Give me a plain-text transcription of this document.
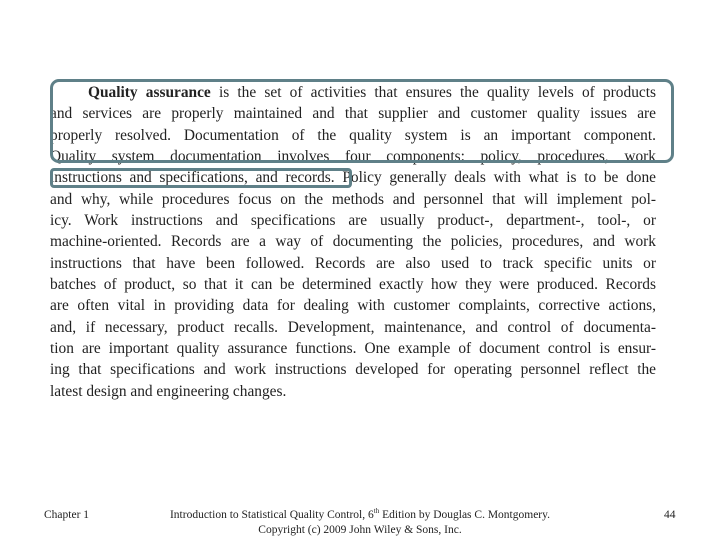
Quality assurance is the set of activities that ensures the quality levels of products
and services are properly maintained and that supplier and customer quality issues are
properly resolved. Documentation of the quality system is an important component.
Quality system documentation involves four components: policy, procedures, work
instructions and specifications, and records. Policy generally deals with what is to be done
and why, while procedures focus on the methods and personnel that will implement pol-
icy. Work instructions and specifications are usually product-, department-, tool-, or
machine-oriented. Records are a way of documenting the policies, procedures, and work
instructions that have been followed. Records are also used to track specific units or
batches of product, so that it can be determined exactly how they were produced. Records
are often vital in providing data for dealing with customer complaints, corrective actions,
and, if necessary, product recalls. Development, maintenance, and control of documenta-
tion are important quality assurance functions. One example of document control is ensur-
ing that specifications and work instructions developed for operating personnel reflect the
latest design and engineering changes.
Chapter 1	Introduction to Statistical Quality Control, 6th Edition by Douglas C. Montgomery.
Copyright (c) 2009 John Wiley & Sons, Inc.
44
